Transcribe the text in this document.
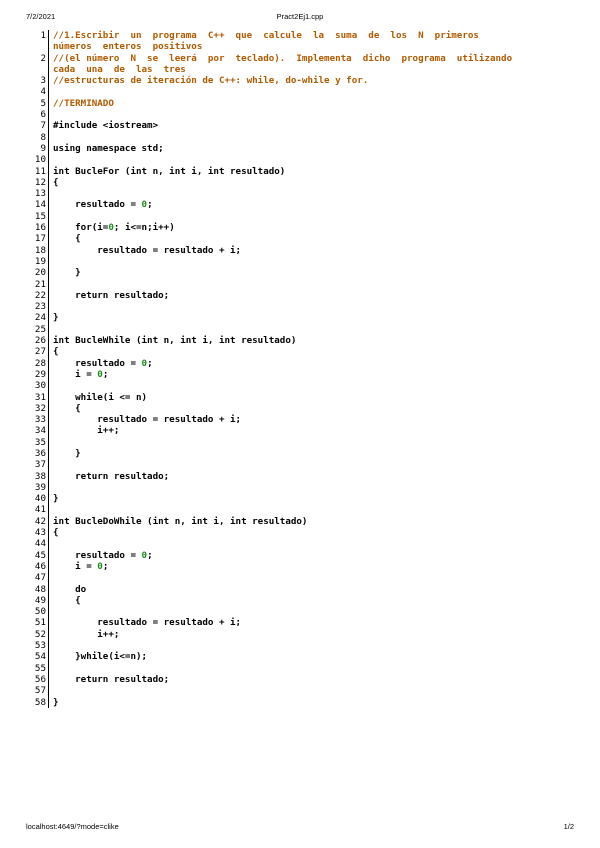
7/2/2021	Pract2Ej1.cpp
1 //1.Escribir  un  programa  C++  que  calcule  la  suma  de  los  N  primeros
números  enteros  positivos
2 //(el número  N  se  leerá  por  teclado).  Implementa  dicho  programa  utilizando
cada  una  de  las  tres
3 //estructuras de iteración de C++: while, do-while y for.
4
5 //TERMINADO
6
7 #include <iostream>
8
9 using namespace std;
10
11 int BucleFor (int n, int i, int resultado)
12 {
13
14 resultado = 0;
15
16 for(i=0; i<=n;i++)
17 {
18 resultado = resultado + i;
19
20 }
21
22 return resultado;
23
24 }
25
26 int BucleWhile (int n, int i, int resultado)
27 {
28 resultado = 0;
29 i = 0;
30
31 while(i <= n)
32 {
33 resultado = resultado + i;
34 i++;
35
36 }
37
38 return resultado;
39
40 }
41
42 int BucleDoWhile (int n, int i, int resultado)
43 {
44
45 resultado = 0;
46 i = 0;
47
48 do
49 {
50
51 resultado = resultado + i;
52 i++;
53
54 }while(i<=n);
55
56 return resultado;
57
58 }
localhost:4649/?mode=clike	1/2
